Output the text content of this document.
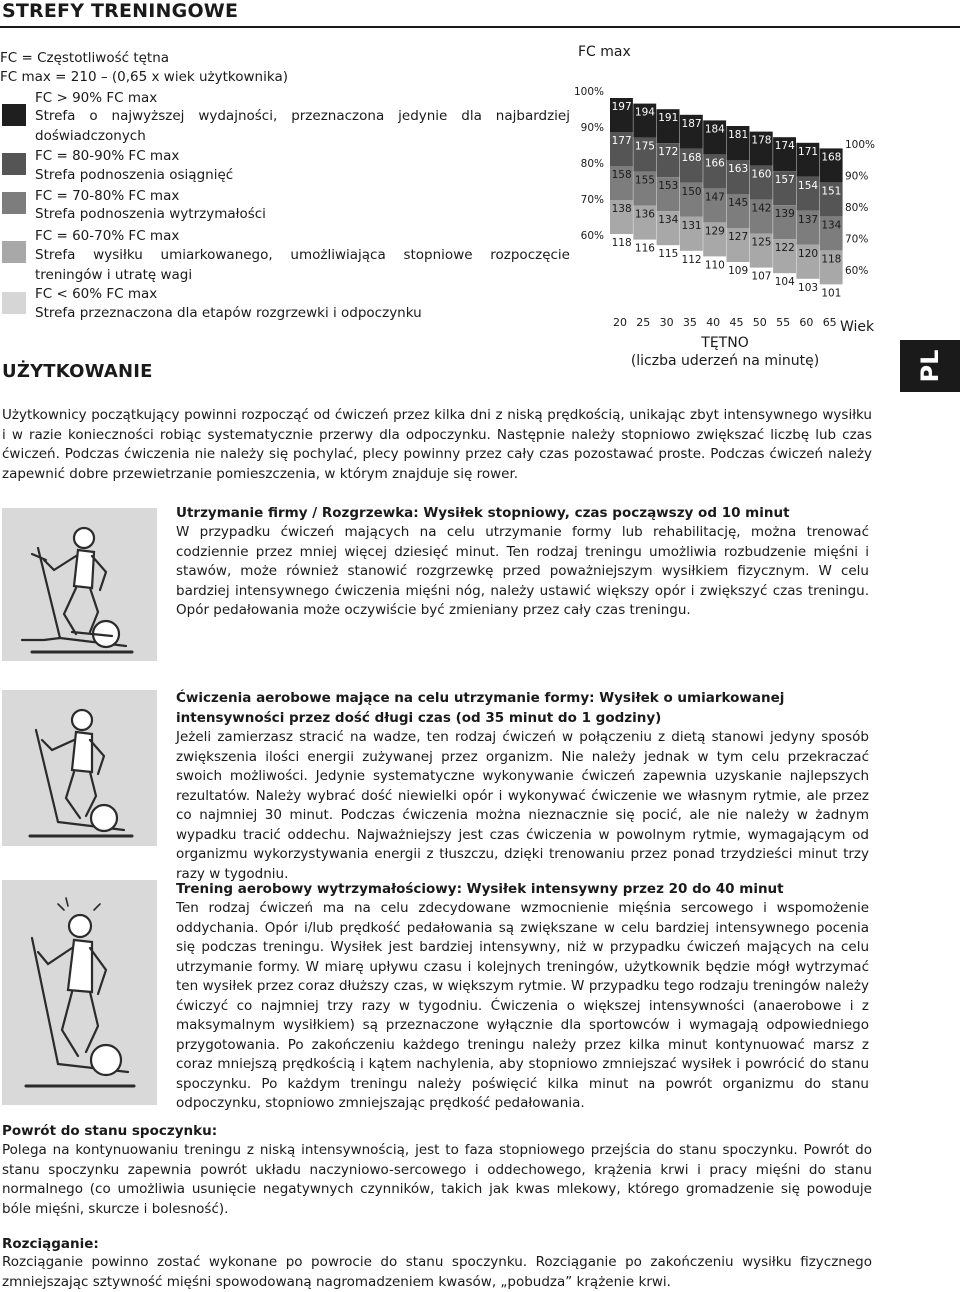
STREFY TRENINGOWE
FC = Częstotliwość tętna
FC max = 210 – (0,65 x wiek użytkownika)
FC > 90% FC max
Strefa o najwyższej wydajności, przeznaczona jedynie dla najbardziej doświadczonych
FC = 80-90% FC max
Strefa podnoszenia osiągnięć
FC = 70-80% FC max
Strefa podnoszenia wytrzymałości
FC = 60-70% FC max
Strefa wysiłku umiarkowanego, umożliwiająca stopniowe rozpoczęcie treningów i utratę wagi
FC < 60% FC max
Strefa przeznaczona dla etapów rozgrzewki i odpoczynku
FC max
197 194 191 187 184 181 178 174 171 168
177 175 172 168 166 163 160 157 154 151
158 155 153 150 147 145 142 139 137 134
138 136 134 131 129 127 125 122 120 118
118 116 115 112 110 109 107 104 103 101
100%
90%
80%
70%
60%
100%
90%
80%
70%
60%
20 25 30 35 40 45 50 55 60 65 Wiek
TĘTNO
(liczba uderzeń na minutę)	PL
UŻYTKOWANIE
Użytkownicy początkujący powinni rozpocząć od ćwiczeń przez kilka dni z niską prędkością, unikając zbyt intensywnego wysiłku i w razie konieczności robiąc systematycznie przerwy dla odpoczynku. Następnie należy stopniowo zwiększać liczbę lub czas ćwiczeń. Podczas ćwiczenia nie należy się pochylać, plecy powinny przez cały czas pozostawać proste. Podczas ćwiczeń należy zapewnić dobre przewietrzanie pomieszczenia, w którym znajduje się rower.
Utrzymanie firmy / Rozgrzewka: Wysiłek stopniowy, czas począwszy od 10 minut
W przypadku ćwiczeń mających na celu utrzymanie formy lub rehabilitację, można trenować codziennie przez mniej więcej dziesięć minut. Ten rodzaj treningu umożliwia rozbudzenie mięśni i stawów, może również stanowić rozgrzewkę przed poważniejszym wysiłkiem fizycznym. W celu bardziej intensywnego ćwiczenia mięśni nóg, należy ustawić większy opór i zwiększyć czas treningu. Opór pedałowania może oczywiście być zmieniany przez cały czas treningu.
Ćwiczenia aerobowe mające na celu utrzymanie formy: Wysiłek o umiarkowanej intensywności przez dość długi czas (od 35 minut do 1 godziny)
Jeżeli zamierzasz stracić na wadze, ten rodzaj ćwiczeń w połączeniu z dietą stanowi jedyny sposób zwiększenia ilości energii zużywanej przez organizm. Nie należy jednak w tym celu przekraczać swoich możliwości. Jedynie systematyczne wykonywanie ćwiczeń zapewnia uzyskanie najlepszych rezultatów. Należy wybrać dość niewielki opór i wykonywać ćwiczenie we własnym rytmie, ale przez co najmniej 30 minut. Podczas ćwiczenia można nieznacznie się pocić, ale nie należy w żadnym wypadku tracić oddechu. Najważniejszy jest czas ćwiczenia w powolnym rytmie, wymagającym od organizmu wykorzystywania energii z tłuszczu, dzięki trenowaniu przez ponad trzydzieści minut trzy razy w tygodniu.
Trening aerobowy wytrzymałościowy: Wysiłek intensywny przez 20 do 40 minut
Ten rodzaj ćwiczeń ma na celu zdecydowane wzmocnienie mięśnia sercowego i wspomożenie oddychania. Opór i/lub prędkość pedałowania są zwiększane w celu bardziej intensywnego pocenia się podczas treningu. Wysiłek jest bardziej intensywny, niż w przypadku ćwiczeń mających na celu utrzymanie formy. W miarę upływu czasu i kolejnych treningów, użytkownik będzie mógł wytrzymać ten wysiłek przez coraz dłuższy czas, w większym rytmie. W przypadku tego rodzaju treningów należy ćwiczyć co najmniej trzy razy w tygodniu. Ćwiczenia o większej intensywności (anaerobowe i z maksymalnym wysiłkiem) są przeznaczone wyłącznie dla sportowców i wymagają odpowiedniego przygotowania. Po zakończeniu każdego treningu należy przez kilka minut kontynuować marsz z coraz mniejszą prędkością i kątem nachylenia, aby stopniowo zmniejszać wysiłek i powrócić do stanu spoczynku. Po każdym treningu należy poświęcić kilka minut na powrót organizmu do stanu odpoczynku, stopniowo zmniejszając prędkość pedałowania.
Powrót do stanu spoczynku:
Polega na kontynuowaniu treningu z niską intensywnością, jest to faza stopniowego przejścia do stanu spoczynku. Powrót do stanu spoczynku zapewnia powrót układu naczyniowo-sercowego i oddechowego, krążenia krwi i pracy mięśni do stanu normalnego (co umożliwia usunięcie negatywnych czynników, takich jak kwas mlekowy, którego gromadzenie się powoduje bóle mięśni, skurcze i bolesność).
Rozciąganie:
Rozciąganie powinno zostać wykonane po powrocie do stanu spoczynku. Rozciąganie po zakończeniu wysiłku fizycznego zmniejszając sztywność mięśni spowodowaną nagromadzeniem kwasów, „pobudza” krążenie krwi.
